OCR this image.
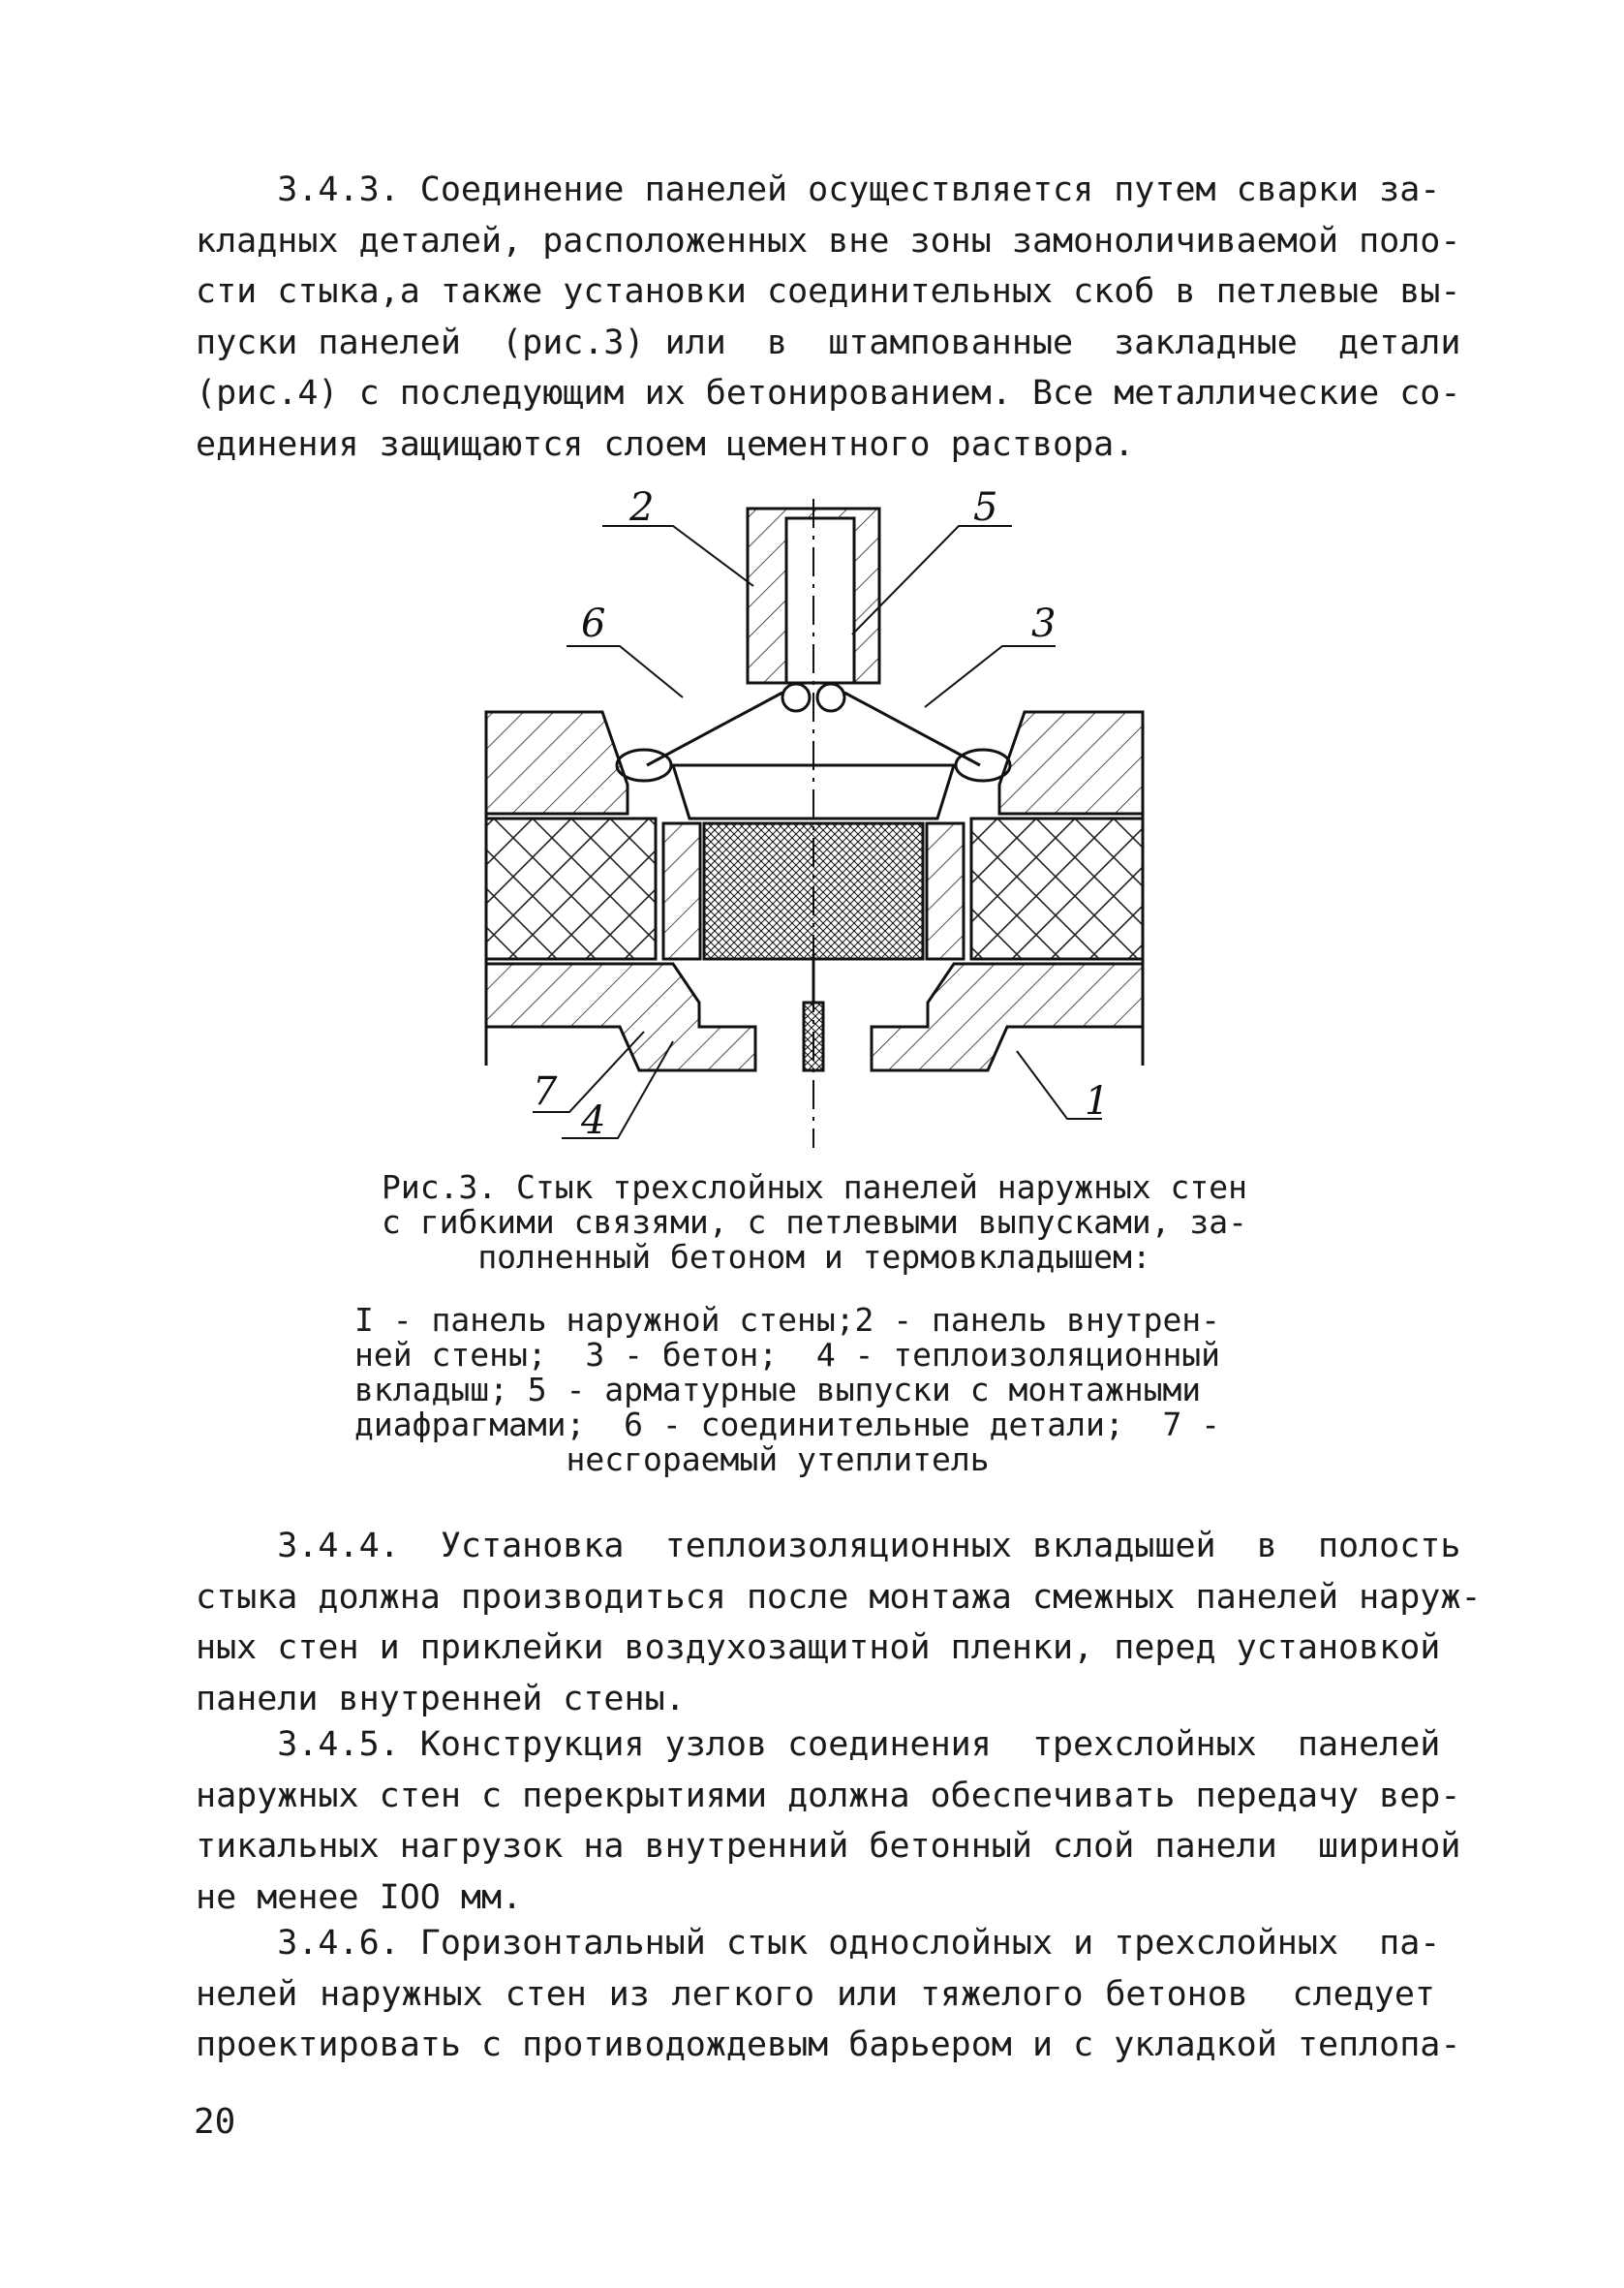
3.4.3. Соединение панелей осуществляется путем сварки за-
кладных деталей, расположенных вне зоны замоноличиваемой поло-
сти стыка,а также установки соединительных скоб в петлевые вы-
пуски панелей  (рис.3) или  в  штампованные  закладные  детали
(рис.4) с последующим их бетонированием. Все металлические со-
единения защищаются слоем цементного раствора.
2	5
6	3
7
4	1
Рис.3. Стык трехслойных панелей наружных стен
с гибкими связями, с петлевыми выпусками, за-
полненный бетоном и термовкладышем:
I - панель наружной стены;2 - панель внутрен-
ней стены;  3 - бетон;  4 - теплоизоляционный
вкладыш; 5 - арматурные выпуски с монтажными
диафрагмами;  6 - соединительные детали;  7 -
несгораемый утеплитель
3.4.4.  Установка  теплоизоляционных вкладышей  в  полость
стыка должна производиться после монтажа смежных панелей наруж-
ных стен и приклейки воздухозащитной пленки, перед установкой
панели внутренней стены.
3.4.5. Конструкция узлов соединения  трехслойных  панелей
наружных стен с перекрытиями должна обеспечивать передачу вер-
тикальных нагрузок на внутренний бетонный слой панели  шириной
не менее IOO мм.
3.4.6. Горизонтальный стык однослойных и трехслойных  па-
нелей наружных стен из легкого или тяжелого бетонов  следует
проектировать с противодождевым барьером и с укладкой теплопа-
20
